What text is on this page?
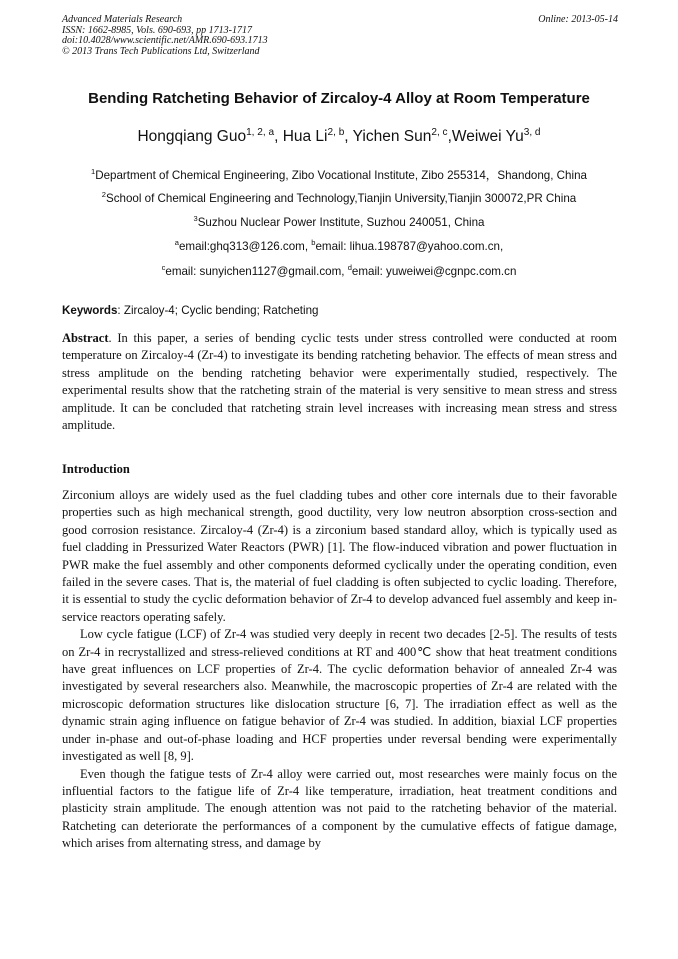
Advanced Materials Research
ISSN: 1662-8985, Vols. 690-693, pp 1713-1717
doi:10.4028/www.scientific.net/AMR.690-693.1713
© 2013 Trans Tech Publications Ltd, Switzerland
Online: 2013-05-14
Bending Ratcheting Behavior of Zircaloy-4 Alloy at Room Temperature
Hongqiang Guo$^{1, 2, a}$, Hua Li$^{2, b}$, Yichen Sun$^{2, c}$,Weiwei Yu$^{3, d}$
$^1$Department of Chemical Engineering, Zibo Vocational Institute, Zibo 255314，Shandong, China
$^2$School of Chemical Engineering and Technology,Tianjin University,Tianjin 300072,PR China
$^3$Suzhou Nuclear Power Institute, Suzhou 240051, China
$^a$email:ghq313@126.com, $^b$email: lihua.198787@yahoo.com.cn,
$^c$email: sunyichen1127@gmail.com, $^d$email: yuweiwei@cgnpc.com.cn
Keywords: Zircaloy-4; Cyclic bending; Ratcheting
Abstract. In this paper, a series of bending cyclic tests under stress controlled were conducted at room temperature on Zircaloy-4 (Zr-4) to investigate its bending ratcheting behavior. The effects of mean stress and stress amplitude on the bending ratcheting behavior were experimentally studied, respectively. The experimental results show that the ratcheting strain of the material is very sensitive to mean stress and stress amplitude. It can be concluded that ratcheting strain level increases with increasing mean stress and stress amplitude.
Introduction

Zirconium alloys are widely used as the fuel cladding tubes and other core internals due to their favorable properties such as high mechanical strength, good ductility, very low neutron absorption cross-section and good corrosion resistance. Zircaloy-4 (Zr-4) is a zirconium based standard alloy, which is typically used as fuel cladding in Pressurized Water Reactors (PWR) [1]. The flow-induced vibration and power fluctuation in PWR make the fuel assembly and other components deformed cyclically under the operating condition, even failed in the severe cases. That is, the material of fuel cladding is often subjected to cyclic loading. Therefore, it is essential to study the cyclic deformation behavior of Zr-4 to develop advanced fuel assembly and keep in-service reactors operating safely.

Low cycle fatigue (LCF) of Zr-4 was studied very deeply in recent two decades [2-5]. The results of tests on Zr-4 in recrystallized and stress-relieved conditions at RT and 400℃ show that heat treatment conditions have great influences on LCF properties of Zr-4. The cyclic deformation behavior of annealed Zr-4 was investigated by several researchers also. Meanwhile, the macroscopic properties of Zr-4 are related with the microscopic deformation structures like dislocation structure [6, 7]. The irradiation effect as well as the dynamic strain aging influence on fatigue behavior of Zr-4 was studied. In addition, biaxial LCF properties under in-phase and out-of-phase loading and HCF properties under reversal bending were experimentally investigated as well [8, 9].

Even though the fatigue tests of Zr-4 alloy were carried out, most researches were mainly focus on the influential factors to the fatigue life of Zr-4 like temperature, irradiation, heat treatment conditions and plasticity strain amplitude. The enough attention was not paid to the ratcheting behavior of the material. Ratcheting can deteriorate the performances of a component by the cumulative effects of fatigue damage, which arises from alternating stress, and damage by
